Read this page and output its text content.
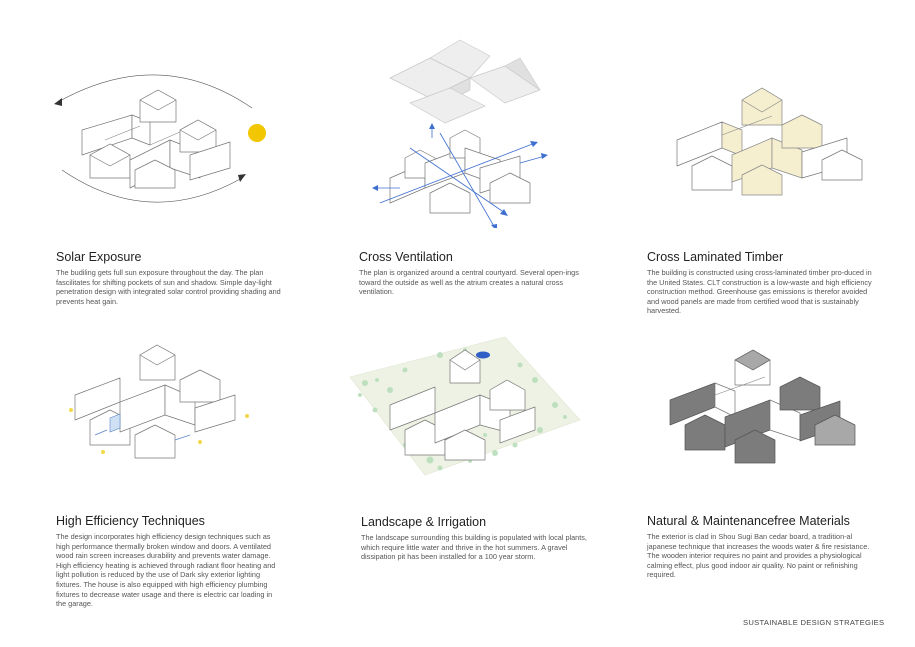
Solar Exposure
The budiling gets full sun exposure throughout the day. The plan fascilitates for shifting pockets of sun and shadow. Simple day-light penetration design with integrated solar control providing shading and prevents heat gain.
Cross Ventilation
The plan is organized around a central courtyard. Several open-ings toward the outside as well as the atrium creates a natural cross ventilation.
Cross Laminated Timber
The building is constructed using cross-laminated timber pro-duced in the United States. CLT construction is a low-waste and high efficiency construction method. Greenhouse gas emissions is therefor avoided and wood panels are made from certified wood that is sustainably harvested.
High Efficiency Techniques
The design incorporates high efficiency design techniques such as high performance thermally broken window and doors. A ventilated wood rain screen increases durability and prevents water damage. High efficiency heating is achieved through radiant floor heating and light pollution is reduced by the use of Dark sky exterior lighting fixtures. The house is also equipped with high efficiency plumbing fixtures to decrease water usage and there is electric car loading in the garage.
Landscape & Irrigation
The landscape surrounding this building is populated with local plants, which require little water and thrive in the hot summers. A gravel dissipation pit has been installed for a 100 year storm.
Natural & Maintenancefree Materials
The exterior is clad in Shou Sugi Ban cedar board, a tradition-al japanese technique that increases the woods water & fire resistance. The wooden interior requires no paint and provides a physiological calming effect, plus good indoor air quality. No paint or refinishing required.
SUSTAINABLE DESIGN STRATEGIES
